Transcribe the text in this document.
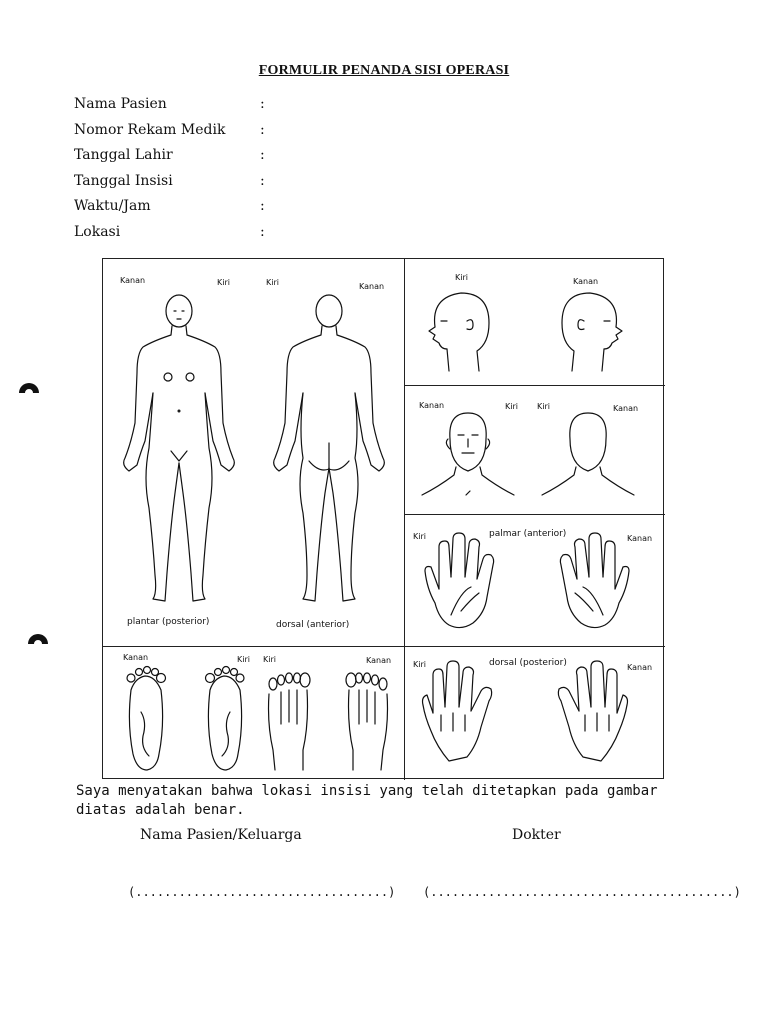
FORMULIR PENANDA SISI OPERASI
Nama Pasien	:
Nomor Rekam Medik :
Tanggal Lahir	:
Tanggal Insisi	:
Waktu/Jam	:
Lokasi	:
Kanan	Kiri	Kiri	Kanan
plantar (posterior)	dorsal (anterior)
Kiri	Kanan
Kanan	Kiri Kiri	Kanan
Kiri	palmar (anterior)	Kanan
Kanan	Kiri Kiri	Kanan	Kiri	dorsal (posterior)	Kanan
Saya menyatakan bahwa lokasi insisi yang telah ditetapkan pada gambar diatas adalah benar.
Nama Pasien/Keluarga	Dokter
(...................................) (..........................................)
